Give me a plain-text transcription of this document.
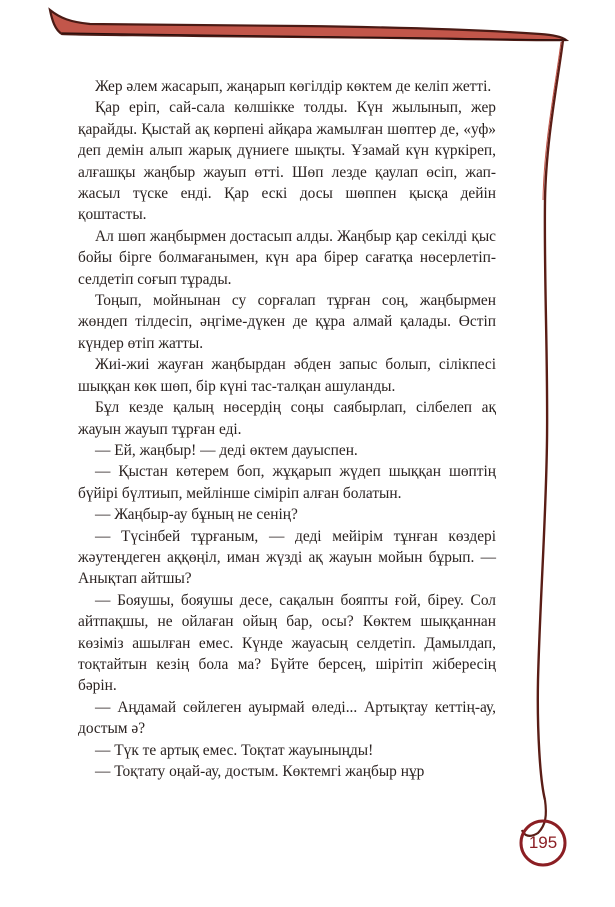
Жер әлем жасарып, жаңарып көгілдір көктем де келіп жетті.

Қар еріп, сай-сала көлшікке толды. Күн жылынып, жер қарайды. Қыстай ақ көрпені айқара жамылған шөптер де, «уф» деп демін алып жарық дүниеге шықты. Ұзамай күн күркіреп, алғашқы жаңбыр жауып өтті. Шөп лезде қаулап өсіп, жап-жасыл түске енді. Қар ескі досы шөппен қысқа дейін қоштасты.

Ал шөп жаңбырмен достасып алды. Жаңбыр қар секілді қыс бойы бірге болмағанымен, күн ара бірер сағатқа нөсерлетіп-селдетіп соғып тұрады.

Тоңып, мойнынан су сорғалап тұрған соң, жаңбырмен жөндеп тілдесіп, әңгіме-дүкен де құра алмай қалады. Өстіп күндер өтіп жатты.

Жиі-жиі жауған жаңбырдан әбден запыс болып, сілікпесі шыққан көк шөп, бір күні тас-талқан ашуланды.

Бұл кезде қалың нөсердің соңы саябырлап, сілбелеп ақ жауын жауып тұрған еді.

— Ей, жаңбыр! — деді өктем дауыспен.

— Қыстан көтерем боп, жұқарып жүдеп шыққан шөптің бүйірі бүлтиып, мейлінше сіміріп алған болатын.

— Жаңбыр-ау бұның не сенің?

— Түсінбей тұрғаным, — деді мейірім тұнған көздері жәутеңдеген аққөңіл, иман жүзді ақ жауын мойын бұрып. — Анықтап айтшы?

— Бояушы, бояушы десе, сақалын бояпты ғой, біреу. Сол айтпақшы, не ойлаған ойың бар, осы? Көктем шыққаннан көзіміз ашылған емес. Күнде жауасың селдетіп. Дамылдап, тоқтайтын кезің бола ма? Бүйте берсең, шірітіп жібересің бәрін.

— Аңдамай сөйлеген ауырмай өледі... Артықтау кеттің-ау, достым ә?

— Түк те артық емес. Тоқтат жауыныңды!

— Тоқтату оңай-ау, достым. Көктемгі жаңбыр нұр

195
